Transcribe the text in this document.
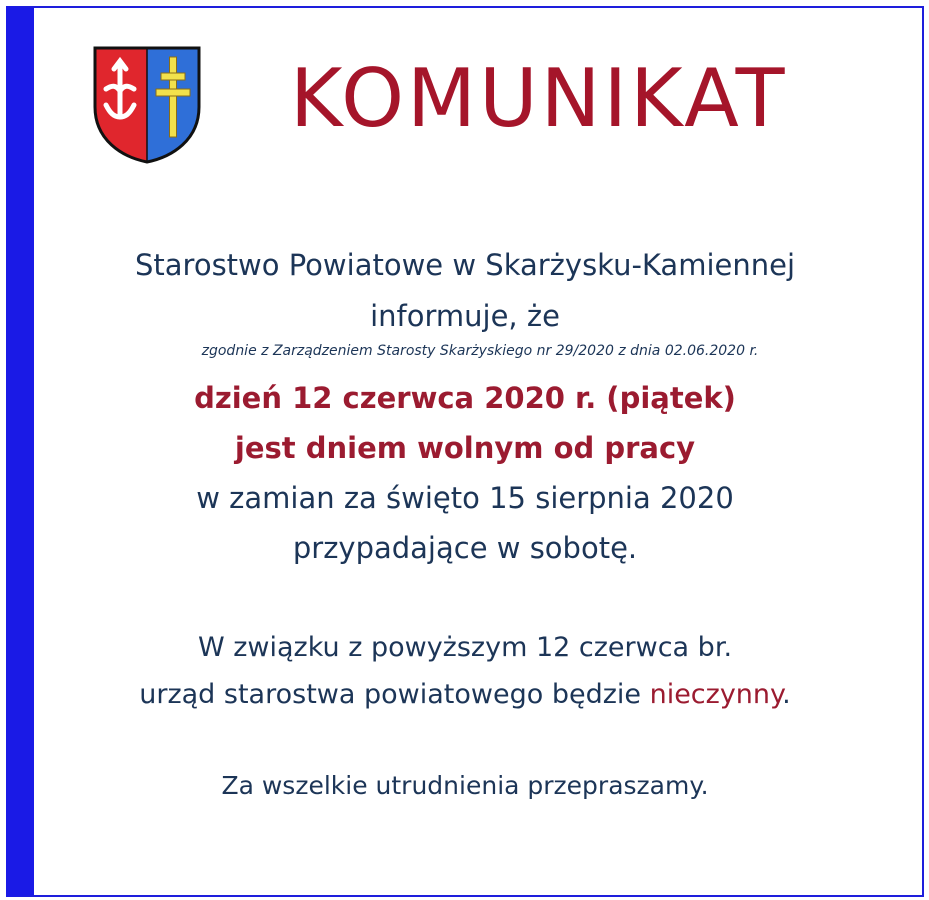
KOMUNIKAT

Starostwo Powiatowe w Skarżysku-Kamiennej

informuje, że

zgodnie z Zarządzeniem Starosty Skarżyskiego nr 29/2020 z dnia 02.06.2020 r.

dzień 12 czerwca 2020 r. (piątek)

jest dniem wolnym od pracy

w zamian za święto 15 sierpnia 2020

przypadające w sobotę.

W związku z powyższym 12 czerwca br.

urząd starostwa powiatowego będzie nieczynny.

Za wszelkie utrudnienia przepraszamy.
